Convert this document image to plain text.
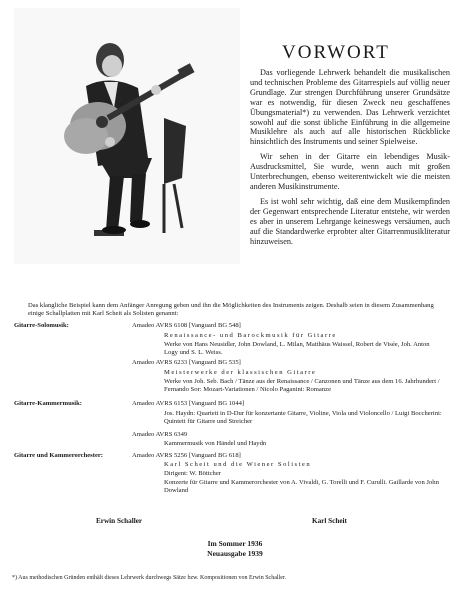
VORWORT

Das vorliegende Lehrwerk behandelt die musikalischen und technischen Probleme des Gitarrespiels auf völlig neuer Grundlage. Zur strengen Durchführung unserer Grundsätze war es notwendig, für diesen Zweck neu geschaffenes Übungsmaterial*) zu verwenden. Das Lehrwerk verzichtet sowohl auf die sonst übliche Einführung in die allgemeine Musiklehre als auch auf alle historischen Rückblicke hinsichtlich des Instruments und seiner Spielweise.

Wir sehen in der Gitarre ein lebendiges Musik-Ausdrucksmittel, Sie wurde, wenn auch mit großen Unterbrechungen, ebenso weiterentwickelt wie die meisten anderen Musikinstrumente.

Es ist wohl sehr wichtig, daß eine dem Musikempfinden der Gegenwart entsprechende Literatur entstehe, wir werden es aber in unserem Lehrgange keineswegs versäumen, auch auf die Standardwerke erprobter alter Gitarrenmusikliteratur hinzuweisen.

Das klangliche Beispiel kann dem Anfänger Anregung geben und ihn die Möglichkeiten des Instruments zeigen. Deshalb seien in diesem Zusammenhang einige Schallplatten mit Karl Scheit als Solisten genannt:
Gitarre-Solomusik:	Amadeo AVRS 6108 [Vanguard BG 548]
Renaissance- und Barockmusik für Gitarre
Werke von Hans Neusidler, John Dowland, L. Milan, Matthäus Waissel, Robert de Visée, Joh. Anton Logy und S. L. Weiss.
Amadeo AVRS 6233 [Vanguard BG 535]
Meisterwerke der klassischen Gitarre
Werke von Joh. Seb. Bach / Tänze aus der Renaissance / Canzonen und Tänze aus dem 16. Jahrhundert / Fernando Sor: Mozart-Variationen / Nicolo Paganini: Romanze
Gitarre-Kammermusik:	Amadeo AVRS 6153 [Vanguard BG 1044]
Jos. Haydn: Quartett in D-Dur für konzertante Gitarre, Violine, Viola und Violoncello / Luigi Boccherini: Quintett für Gitarre und Streicher
Amadeo AVRS 6349
Kammermusik von Händel und Haydn
Gitarre und Kammerorchester:	Amadeo AVRS 5256 [Vanguard BG 618]
Karl Scheit und die Wiener Solisten
Dirigent: W. Böttcher
Konzerte für Gitarre und Kammerorchester von A. Vivaldi, G. Torelli und F. Curulli. Gaillarde von John Dowland
Erwin Schaller	Karl Scheit
Im Sommer 1936
Neuausgabe 1939
*) Aus methodischen Gründen enthält dieses Lehrwerk durchwegs Sätze bzw. Kompositionen von Erwin Schaller.
